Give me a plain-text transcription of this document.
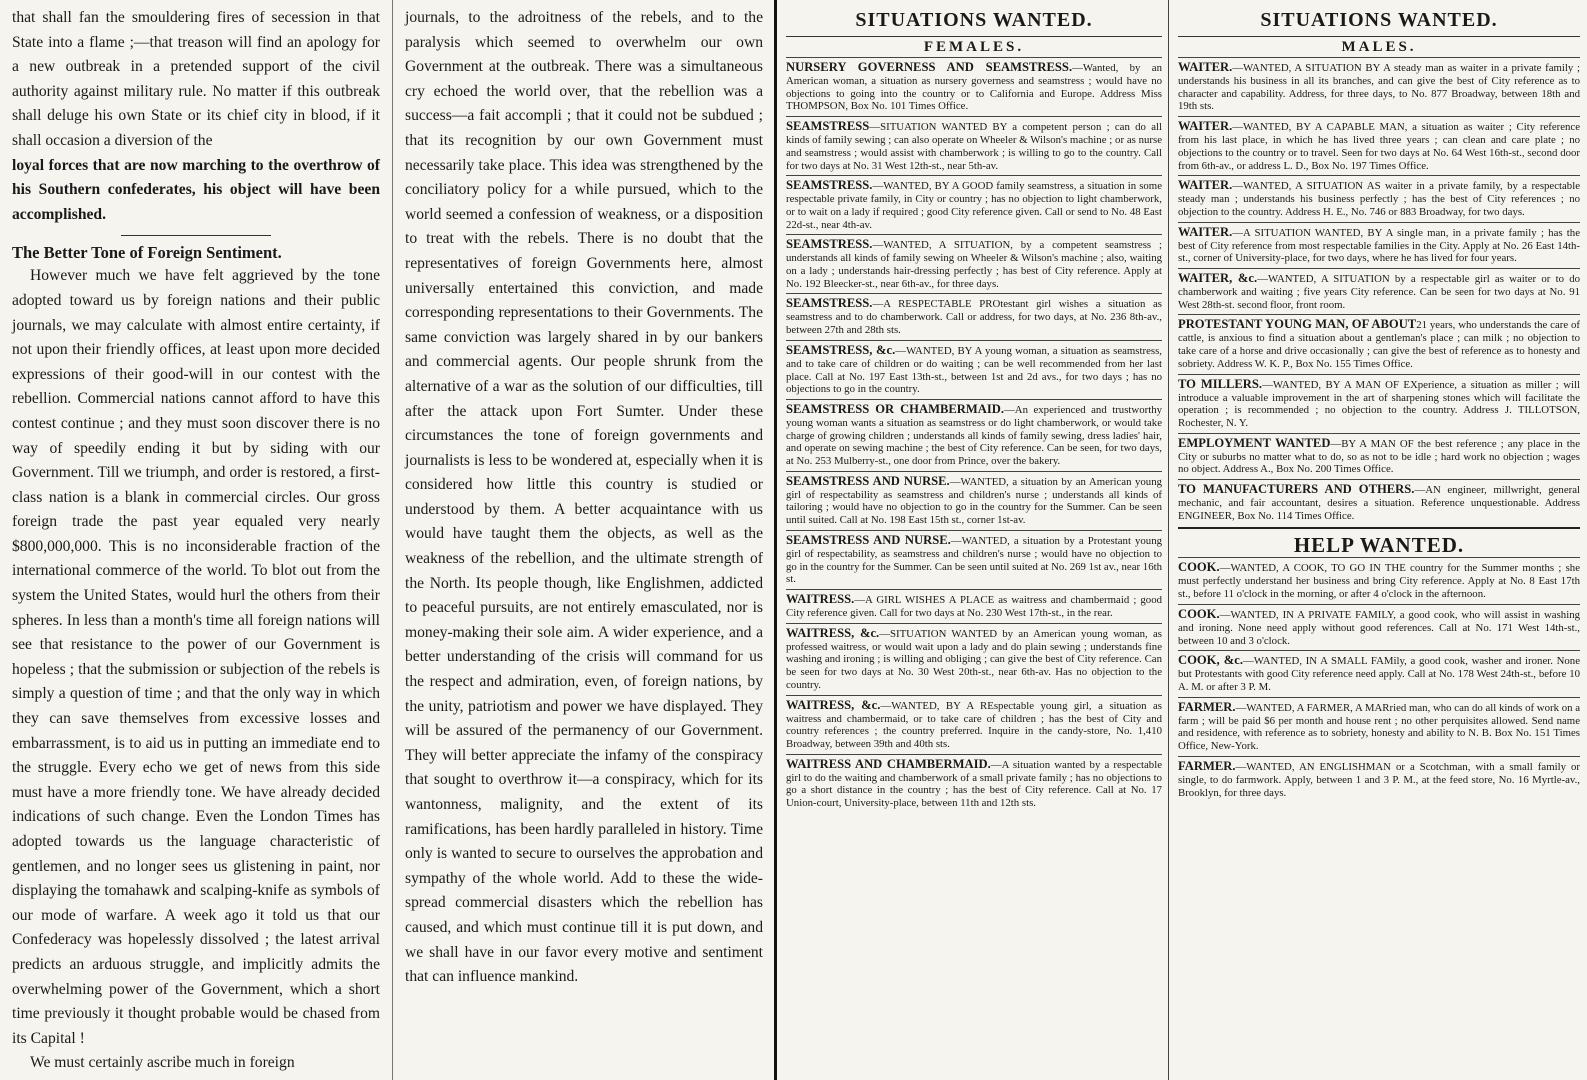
that shall fan the smouldering fires of secession in that State into a flame ;—that treason will find an apology for a new outbreak in a pretended support of the civil authority against military rule. No matter if this outbreak shall deluge his own State or its chief city in blood, if it shall occasion a diversion of the

loyal forces that are now marching to the overthrow of his Southern confederates, his object will have been accomplished.

The Better Tone of Foreign Sentiment.

However much we have felt aggrieved by the tone adopted toward us by foreign nations and their public journals, we may calculate with almost entire certainty, if not upon their friendly offices, at least upon more decided expressions of their good-will in our contest with the rebellion. Commercial nations cannot afford to have this contest continue ; and they must soon discover there is no way of speedily ending it but by siding with our Government. Till we triumph, and order is restored, a first-class nation is a blank in commercial circles. Our gross foreign trade the past year equaled very nearly $800,000,000. This is no inconsiderable fraction of the international commerce of the world. To blot out from the system the United States, would hurl the others from their spheres. In less than a month's time all foreign nations will see that resistance to the power of our Government is hopeless ; that the submission or subjection of the rebels is simply a question of time ; and that the only way in which they can save themselves from excessive losses and embarrassment, is to aid us in putting an immediate end to the struggle. Every echo we get of news from this side must have a more friendly tone. We have already decided indications of such change. Even the London Times has adopted towards us the language characteristic of gentlemen, and no longer sees us glistening in paint, nor displaying the tomahawk and scalping-knife as symbols of our mode of warfare. A week ago it told us that our Confederacy was hopelessly dissolved ; the latest arrival predicts an arduous struggle, and implicitly admits the overwhelming power of the Government, which a short time previously it thought probable would be chased from its Capital !

We must certainly ascribe much in foreign

journals, to the adroitness of the rebels, and to the paralysis which seemed to overwhelm our own Government at the outbreak. There was a simultaneous cry echoed the world over, that the rebellion was a success—a fait accompli ; that it could not be subdued ; that its recognition by our own Government must necessarily take place. This idea was strengthened by the conciliatory policy for a while pursued, which to the world seemed a confession of weakness, or a disposition to treat with the rebels. There is no doubt that the representatives of foreign Governments here, almost universally entertained this conviction, and made corresponding representations to their Governments. The same conviction was largely shared in by our bankers and commercial agents. Our people shrunk from the alternative of a war as the solution of our difficulties, till after the attack upon Fort Sumter. Under these circumstances the tone of foreign governments and journalists is less to be wondered at, especially when it is considered how little this country is studied or understood by them. A better acquaintance with us would have taught them the objects, as well as the weakness of the rebellion, and the ultimate strength of the North. Its people though, like Englishmen, addicted to peaceful pursuits, are not entirely emasculated, nor is money-making their sole aim. A wider experience, and a better understanding of the crisis will command for us the respect and admiration, even, of foreign nations, by the unity, patriotism and power we have displayed. They will be assured of the permanency of our Government. They will better appreciate the infamy of the conspiracy that sought to overthrow it—a conspiracy, which for its wantonness, malignity, and the extent of its ramifications, has been hardly paralleled in history. Time only is wanted to secure to ourselves the approbation and sympathy of the whole world. Add to these the wide-spread commercial disasters which the rebellion has caused, and which must continue till it is put down, and we shall have in our favor every motive and sentiment that can influence mankind.

SITUATIONS WANTED.
FEMALES.

NURSERY GOVERNESS AND SEAMSTRESS.—Wanted, by an American woman, a situation as nursery governess and seamstress ; would have no objections to going into the country or to California and Europe. Address Miss THOMPSON, Box No. 101 Times Office.

SEAMSTRESS—SITUATION WANTED BY a competent person ; can do all kinds of family sewing ; can also operate on Wheeler & Wilson's machine ; or as nurse and seamstress ; would assist with chamberwork ; is willing to go to the country. Call for two days at No. 31 West 12th-st., near 5th-av.

SEAMSTRESS.—WANTED, BY A GOOD family seamstress, a situation in some respectable private family, in City or country ; has no objection to light chamberwork, or to wait on a lady if required ; good City reference given. Call or send to No. 48 East 22d-st., near 4th-av.

SEAMSTRESS.—WANTED, A SITUATION, by a competent seamstress ; understands all kinds of family sewing on Wheeler & Wilson's machine ; also, waiting on a lady ; understands hair-dressing perfectly ; has best of City reference. Apply at No. 192 Bleecker-st., near 6th-av., for three days.

SEAMSTRESS.—A RESPECTABLE PROtestant girl wishes a situation as seamstress and to do chamberwork. Call or address, for two days, at No. 236 8th-av., between 27th and 28th sts.

SEAMSTRESS, &c.—WANTED, BY A young woman, a situation as seamstress, and to take care of children or do waiting ; can be well recommended from her last place. Call at No. 197 East 13th-st., between 1st and 2d avs., for two days ; has no objections to go in the country.

SEAMSTRESS OR CHAMBERMAID.—An experienced and trustworthy young woman wants a situation as seamstress or do light chamberwork, or would take charge of growing children ; understands all kinds of family sewing, dress ladies' hair, and operate on sewing machine ; the best of City reference. Can be seen, for two days, at No. 253 Mulberry-st., one door from Prince, over the bakery.

SEAMSTRESS AND NURSE.—WANTED, a situation by an American young girl of respectability as seamstress and children's nurse ; understands all kinds of tailoring ; would have no objection to go in the country for the Summer. Can be seen until suited. Call at No. 198 East 15th st., corner 1st-av.

SEAMSTRESS AND NURSE.—WANTED, a situation by a Protestant young girl of respectability, as seamstress and children's nurse ; would have no objection to go in the country for the Summer. Can be seen until suited at No. 269 1st av., near 16th st.

WAITRESS.—A GIRL WISHES A PLACE as waitress and chambermaid ; good City reference given. Call for two days at No. 230 West 17th-st., in the rear.

WAITRESS, &c.—SITUATION WANTED by an American young woman, as professed waitress, or would wait upon a lady and do plain sewing ; understands fine washing and ironing ; is willing and obliging ; can give the best of City reference. Can be seen for two days at No. 30 West 20th-st., near 6th-av. Has no objection to the country.

WAITRESS, &c.—WANTED, BY A REspectable young girl, a situation as waitress and chambermaid, or to take care of children ; has the best of City and country references ; the country preferred. Inquire in the candy-store, No. 1,410 Broadway, between 39th and 40th sts.

WAITRESS AND CHAMBERMAID.—A situation wanted by a respectable girl to do the waiting and chamberwork of a small private family ; has no objections to go a short distance in the country ; has the best of City reference. Call at No. 17 Union-court, University-place, between 11th and 12th sts.

SITUATIONS WANTED.
MALES.

WAITER.—WANTED, A SITUATION BY A steady man as waiter in a private family ; understands his business in all its branches, and can give the best of City reference as to character and capability. Address, for three days, to No. 877 Broadway, between 18th and 19th sts.

WAITER.—WANTED, BY A CAPABLE MAN, a situation as waiter ; City reference from his last place, in which he has lived three years ; can clean and care plate ; no objections to the country or to travel. Seen for two days at No. 64 West 16th-st., second door from 6th-av., or address L. D., Box No. 197 Times Office.

WAITER.—WANTED, A SITUATION AS waiter in a private family, by a respectable steady man ; understands his business perfectly ; has the best of City references ; no objection to the country. Address H. E., No. 746 or 883 Broadway, for two days.

WAITER.—A SITUATION WANTED, BY A single man, in a private family ; has the best of City reference from most respectable families in the City. Apply at No. 26 East 14th-st., corner of University-place, for two days, where he has lived for four years.

WAITER, &c.—WANTED, A SITUATION by a respectable girl as waiter or to do chamberwork and waiting ; five years City reference. Can be seen for two days at No. 91 West 28th-st. second floor, front room.

PROTESTANT YOUNG MAN, OF ABOUT21 years, who understands the care of cattle, is anxious to find a situation about a gentleman's place ; can milk ; no objection to take care of a horse and drive occasionally ; can give the best of reference as to honesty and sobriety. Address W. K. P., Box No. 155 Times Office.

TO MILLERS.—WANTED, BY A MAN OF EXperience, a situation as miller ; will introduce a valuable improvement in the art of sharpening stones which will facilitate the operation ; is recommended ; no objection to the country. Address J. TILLOTSON, Rochester, N. Y.

EMPLOYMENT WANTED—BY A MAN OF the best reference ; any place in the City or suburbs no matter what to do, so as not to be idle ; hard work no objection ; wages no object. Address A., Box No. 200 Times Office.

TO MANUFACTURERS AND OTHERS.—AN engineer, millwright, general mechanic, and fair accountant, desires a situation. Reference unquestionable. Address ENGINEER, Box No. 114 Times Office.

HELP WANTED.

COOK.—WANTED, A COOK, TO GO IN THE country for the Summer months ; she must perfectly understand her business and bring City reference. Apply at No. 8 East 17th st., before 11 o'clock in the morning, or after 4 o'clock in the afternoon.

COOK.—WANTED, IN A PRIVATE FAMILY, a good cook, who will assist in washing and ironing. None need apply without good references. Call at No. 171 West 14th-st., between 10 and 3 o'clock.

COOK, &c.—WANTED, IN A SMALL FAMily, a good cook, washer and ironer. None but Protestants with good City reference need apply. Call at No. 178 West 24th-st., before 10 A. M. or after 3 P. M.

FARMER.—WANTED, A FARMER, A MARried man, who can do all kinds of work on a farm ; will be paid $6 per month and house rent ; no other perquisites allowed. Send name and residence, with reference as to sobriety, honesty and ability to N. B. Box No. 151 Times Office, New-York.

FARMER.—WANTED, AN ENGLISHMAN or a Scotchman, with a small family or single, to do farmwork. Apply, between 1 and 3 P. M., at the feed store, No. 16 Myrtle-av., Brooklyn, for three days.
